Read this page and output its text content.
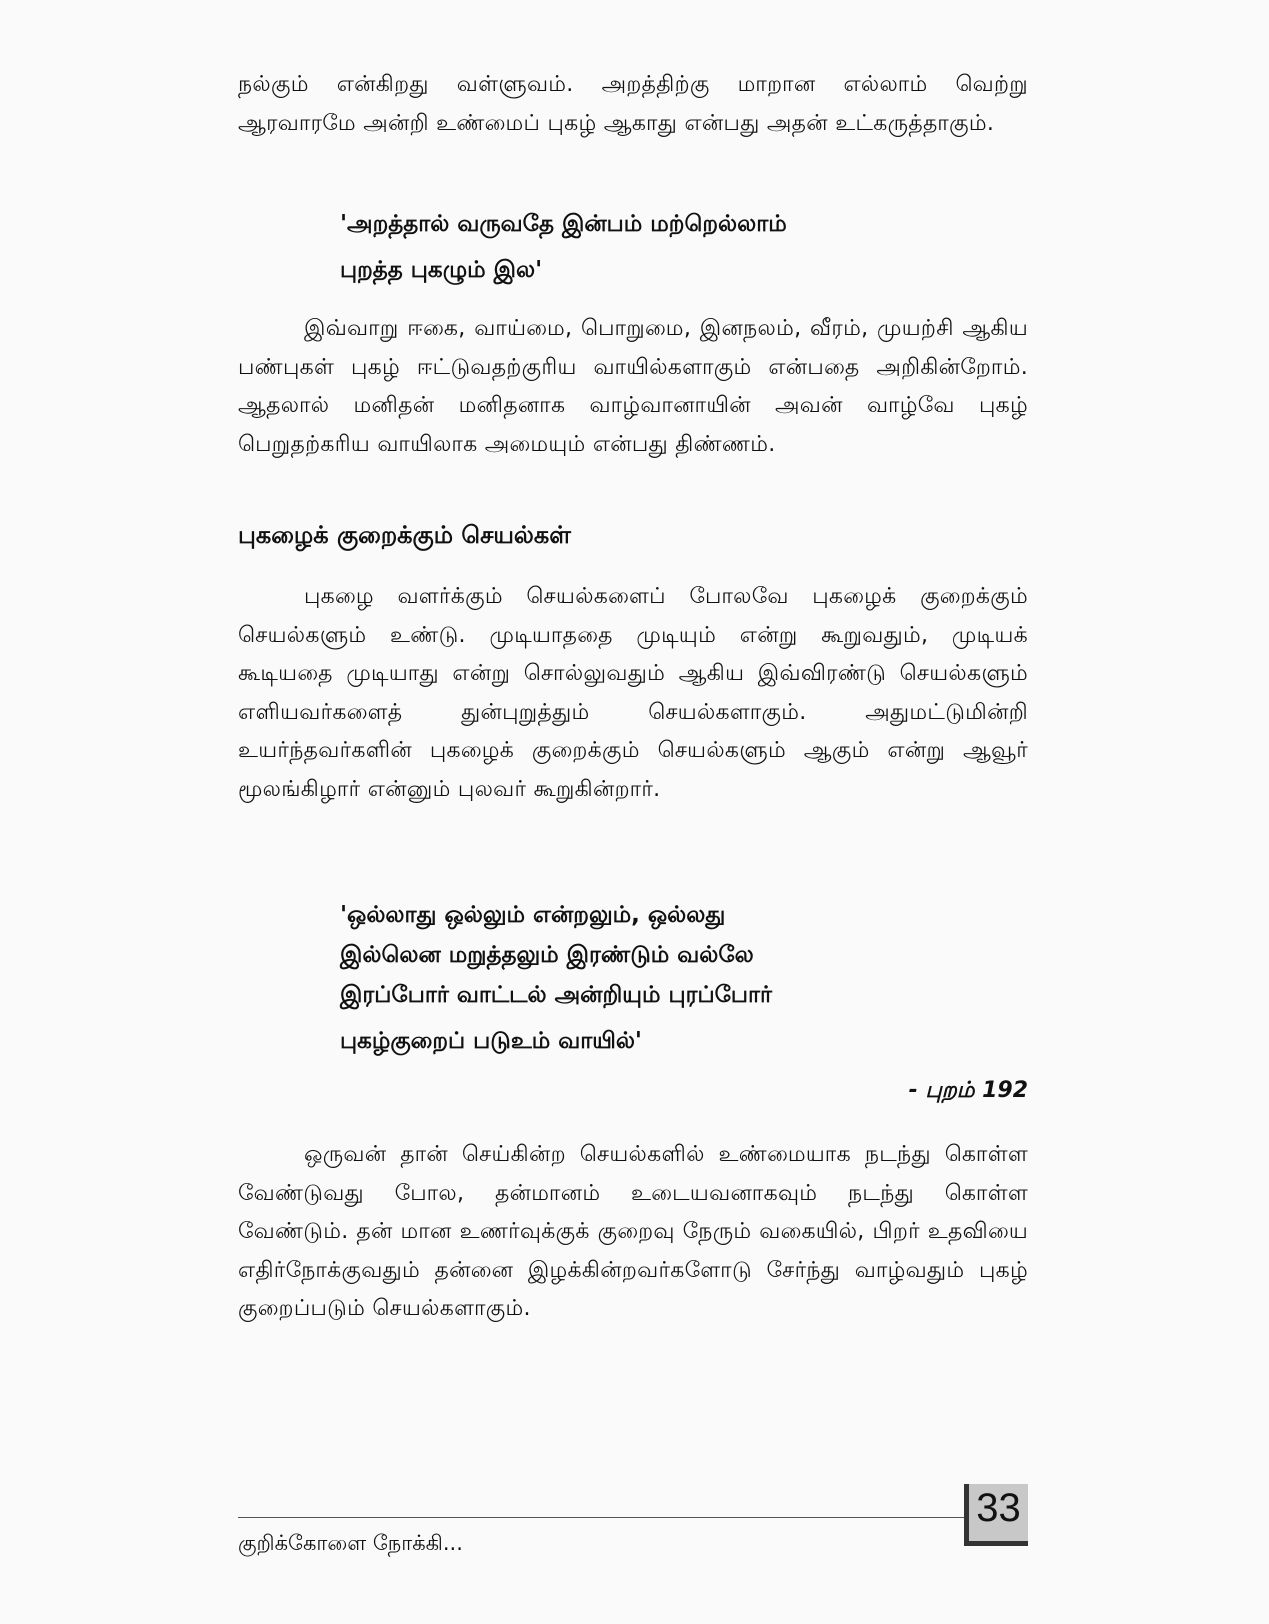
நல்கும் என்கிறது வள்ளுவம். அறத்திற்கு மாறான எல்லாம் வெற்று ஆரவாரமே அன்றி உண்மைப் புகழ் ஆகாது என்பது அதன் உட்கருத்தாகும்.

'அறத்தால் வருவதே இன்பம் மற்றெல்லாம்
புறத்த புகழும் இல'

இவ்வாறு ஈகை, வாய்மை, பொறுமை, இனநலம், வீரம், முயற்சி ஆகிய பண்புகள் புகழ் ஈட்டுவதற்குரிய வாயில்களாகும் என்பதை அறிகின்றோம். ஆதலால் மனிதன் மனிதனாக வாழ்வானாயின் அவன் வாழ்வே புகழ் பெறுதற்கரிய வாயிலாக அமையும் என்பது திண்ணம்.

புகழைக் குறைக்கும் செயல்கள்

புகழை வளர்க்கும் செயல்களைப் போலவே புகழைக் குறைக்கும் செயல்களும் உண்டு. முடியாததை முடியும் என்று கூறுவதும், முடியக் கூடியதை முடியாது என்று சொல்லுவதும் ஆகிய இவ்விரண்டு செயல்களும் எளியவர்களைத் துன்புறுத்தும் செயல்களாகும். அதுமட்டுமின்றி உயர்ந்தவர்களின் புகழைக் குறைக்கும் செயல்களும் ஆகும் என்று ஆவூர் மூலங்கிழார் என்னும் புலவர் கூறுகின்றார்.

'ஒல்லாது ஒல்லும் என்றலும், ஒல்லது
இல்லென மறுத்தலும் இரண்டும் வல்லே
இரப்போர் வாட்டல் அன்றியும் புரப்போர்
புகழ்குறைப் படுஉம் வாயில்'
- புறம் 192

ஒருவன் தான் செய்கின்ற செயல்களில் உண்மையாக நடந்து கொள்ள வேண்டுவது போல, தன்மானம் உடையவனாகவும் நடந்து கொள்ள வேண்டும். தன் மான உணர்வுக்குக் குறைவு நேரும் வகையில், பிறர் உதவியை எதிர்நோக்குவதும் தன்னை இழக்கின்றவர்களோடு சேர்ந்து வாழ்வதும் புகழ் குறைப்படும் செயல்களாகும்.

குறிக்கோளை நோக்கி...
33
